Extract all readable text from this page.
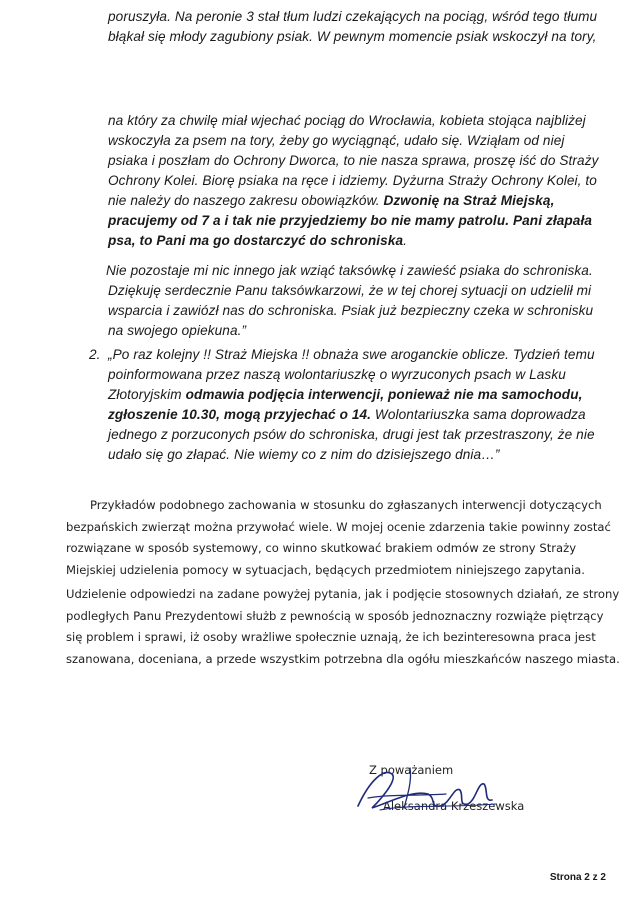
poruszyła. Na peronie 3 stał tłum ludzi czekających na pociąg, wśród tego tłumu

błąkał się młody zagubiony psiak. W pewnym momencie psiak wskoczył na tory,

na który za chwilę miał wjechać pociąg do Wrocławia, kobieta stojąca najbliżej

wskoczyła za psem na tory, żeby go wyciągnąć, udało się. Wziąłam od niej

psiaka i poszłam do Ochrony Dworca, to nie nasza sprawa, proszę iść do Straży

Ochrony Kolei. Biorę psiaka na ręce i idziemy. Dyżurna Straży Ochrony Kolei, to

nie należy do naszego zakresu obowiązków. Dzwonię na Straż Miejską,

pracujemy od 7 a i tak nie przyjedziemy bo nie mamy patrolu. Pani złapała

psa, to Pani ma go dostarczyć do schroniska.

Nie pozostaje mi nic innego jak wziąć taksówkę i zawieść psiaka do schroniska.

Dziękuję serdecznie Panu taksówkarzowi, że w tej chorej sytuacji on udzielił mi

wsparcia i zawiózł nas do schroniska. Psiak już bezpieczny czeka w schronisku

na swojego opiekuna.”

2. „Po raz kolejny !! Straż Miejska !! obnaża swe aroganckie oblicze. Tydzień temu

poinformowana przez naszą wolontariuszkę o wyrzuconych psach w Lasku

Złotoryjskim odmawia podjęcia interwencji, ponieważ nie ma samochodu,

zgłoszenie 10.30, mogą przyjechać o 14. Wolontariuszka sama doprowadza

jednego z porzuconych psów do schroniska, drugi jest tak przestraszony, że nie

udało się go złapać. Nie wiemy co z nim do dzisiejszego dnia…”

Przykładów podobnego zachowania w stosunku do zgłaszanych interwencji dotyczących

bezpańskich zwierząt można przywołać wiele. W mojej ocenie zdarzenia takie powinny zostać

rozwiązane w sposób systemowy, co winno skutkować brakiem odmów ze strony Straży

Miejskiej udzielenia pomocy w sytuacjach, będących przedmiotem niniejszego zapytania.

Udzielenie odpowiedzi na zadane powyżej pytania, jak i podjęcie stosownych działań, ze strony

podległych Panu Prezydentowi służb z pewnością w sposób jednoznaczny rozwiąże piętrzący

się problem i sprawi, iż osoby wrażliwe społecznie uznają, że ich bezinteresowna praca jest

szanowana, doceniana, a przede wszystkim potrzebna dla ogółu mieszkańców naszego miasta.

Z poważaniem
Aleksandra Krzeszewska
Strona 2 z 2
